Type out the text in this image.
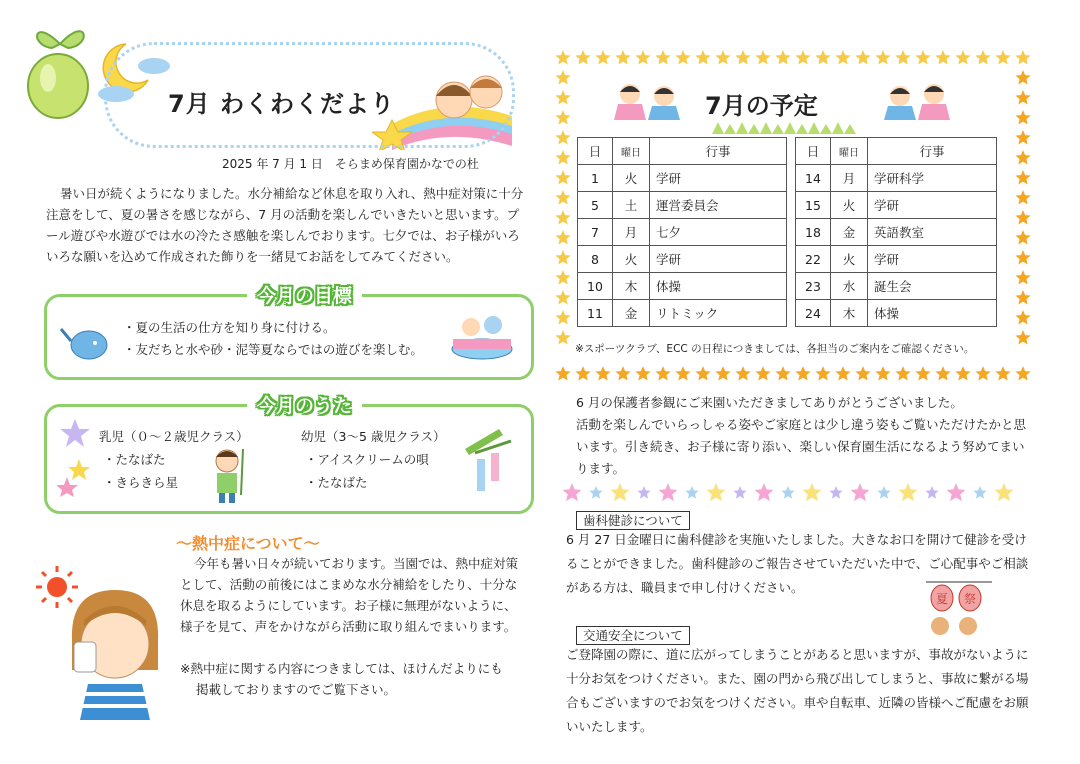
7月 わくわくだより
2025 年 7 月 1 日　そらまめ保育園かなでの杜
暑い日が続くようになりました。水分補給など休息を取り入れ、熱中症対策に十分注意をして、夏の暑さを感じながら、7 月の活動を楽しんでいきたいと思います。プール遊びや水遊びでは水の冷たさ感触を楽しんでおります。七夕では、お子様がいろいろな願いを込めて作成された飾りを一緒見てお話をしてみてください。
今月の目標
・夏の生活の仕方を知り身に付ける。
・友だちと水や砂・泥等夏ならではの遊びを楽しむ。
今月のうた
乳児（０～２歳児クラス）
・たなばた
・きらきら星
幼児（3～5 歳児クラス）
・アイスクリームの唄
・たなばた
～熱中症について～
今年も暑い日々が続いております。当園では、熱中症対策として、活動の前後にはこまめな水分補給をしたり、十分な休息を取るようにしています。お子様に無理がないように、様子を見て、声をかけながら活動に取り組んでまいります。
※熱中症に関する内容につきましては、ほけんだよりにも
掲載しておりますのでご覧下さい。
7月の予定
日	曜日	行事
1	火	学研
5	土	運営委員会
7	月	七夕
8	火	学研
10	木	体操
11	金	リトミック
日	曜日	行事
14	月	学研科学
15	火	学研
18	金	英語教室
22	火	学研
23	水	誕生会
24	木	体操
※スポーツクラブ、ECC の日程につきましては、各担当のご案内をご確認ください。
6 月の保護者参観にご来園いただきましてありがとうございました。
活動を楽しんでいらっしゃる姿やご家庭とは少し違う姿もご覧いただけたかと思います。引き続き、お子様に寄り添い、楽しい保育園生活になるよう努めてまいります。
歯科健診について
6 月 27 日金曜日に歯科健診を実施いたしました。大きなお口を開けて健診を受けることができました。歯科健診のご報告させていただいた中で、ご心配事やご相談がある方は、職員まで申し付けください。
夏 祭
交通安全について
ご登降園の際に、道に広がってしまうことがあると思いますが、事故がないように十分お気をつけください。また、園の門から飛び出してしまうと、事故に繋がる場合もございますのでお気をつけください。車や自転車、近隣の皆様へご配慮をお願いいたします。
